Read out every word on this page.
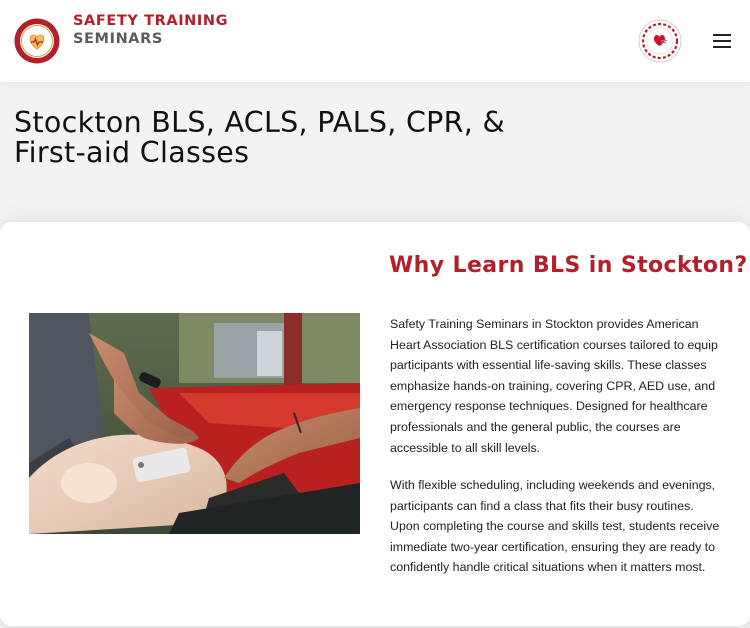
SAFETY TRAINING
SEMINARS
Stockton BLS, ACLS, PALS, CPR, & First-aid Classes
Why Learn BLS in Stockton?

Safety Training Seminars in Stockton provides American Heart Association BLS certification courses tailored to equip participants with essential life-saving skills. These classes emphasize hands-on training, covering CPR, AED use, and emergency response techniques. Designed for healthcare professionals and the general public, the courses are accessible to all skill levels.

With flexible scheduling, including weekends and evenings, participants can find a class that fits their busy routines. Upon completing the course and skills test, students receive immediate two-year certification, ensuring they are ready to confidently handle critical situations when it matters most.
